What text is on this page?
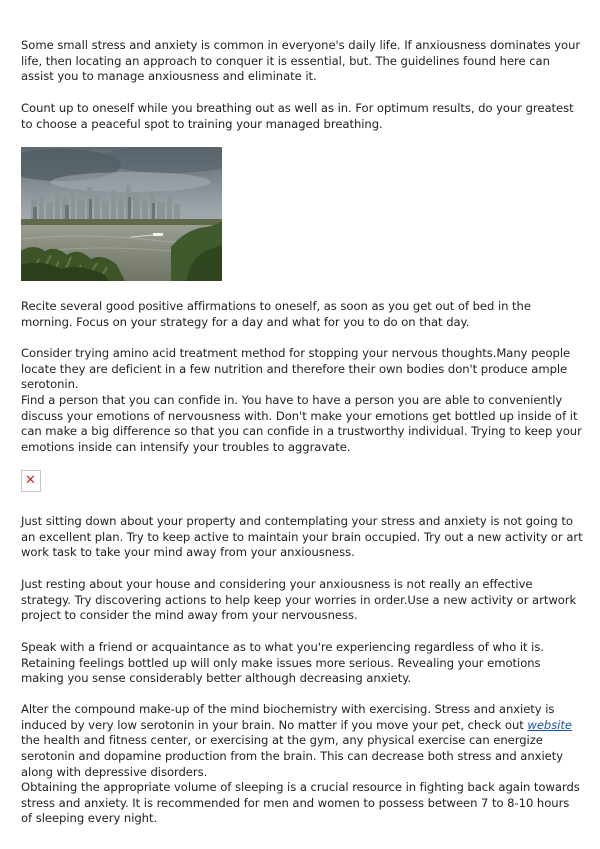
Some small stress and anxiety is common in everyone's daily life. If anxiousness dominates your life, then locating an approach to conquer it is essential, but. The guidelines found here can assist you to manage anxiousness and eliminate it.

Count up to oneself while you breathing out as well as in. For optimum results, do your greatest to choose a peaceful spot to training your managed breathing.

Recite several good positive affirmations to oneself, as soon as you get out of bed in the morning. Focus on your strategy for a day and what for you to do on that day.

Consider trying amino acid treatment method for stopping your nervous thoughts.Many people locate they are deficient in a few nutrition and therefore their own bodies don't produce ample serotonin.

Find a person that you can confide in. You have to have a person you are able to conveniently discuss your emotions of nervousness with. Don't make your emotions get bottled up inside of it can make a big difference so that you can confide in a trustworthy individual. Trying to keep your emotions inside can intensify your troubles to aggravate.

✕

Just sitting down about your property and contemplating your stress and anxiety is not going to an excellent plan. Try to keep active to maintain your brain occupied. Try out a new activity or art work task to take your mind away from your anxiousness.

Just resting about your house and considering your anxiousness is not really an effective strategy. Try discovering actions to help keep your worries in order.Use a new activity or artwork project to consider the mind away from your nervousness.

Speak with a friend or acquaintance as to what you're experiencing regardless of who it is. Retaining feelings bottled up will only make issues more serious. Revealing your emotions making you sense considerably better although decreasing anxiety.

Alter the compound make-up of the mind biochemistry with exercising. Stress and anxiety is induced by very low serotonin in your brain. No matter if you move your pet, check out website the health and fitness center, or exercising at the gym, any physical exercise can energize serotonin and dopamine production from the brain. This can decrease both stress and anxiety along with depressive disorders.

Obtaining the appropriate volume of sleeping is a crucial resource in fighting back again towards stress and anxiety. It is recommended for men and women to possess between 7 to 8-10 hours of sleeping every night.
